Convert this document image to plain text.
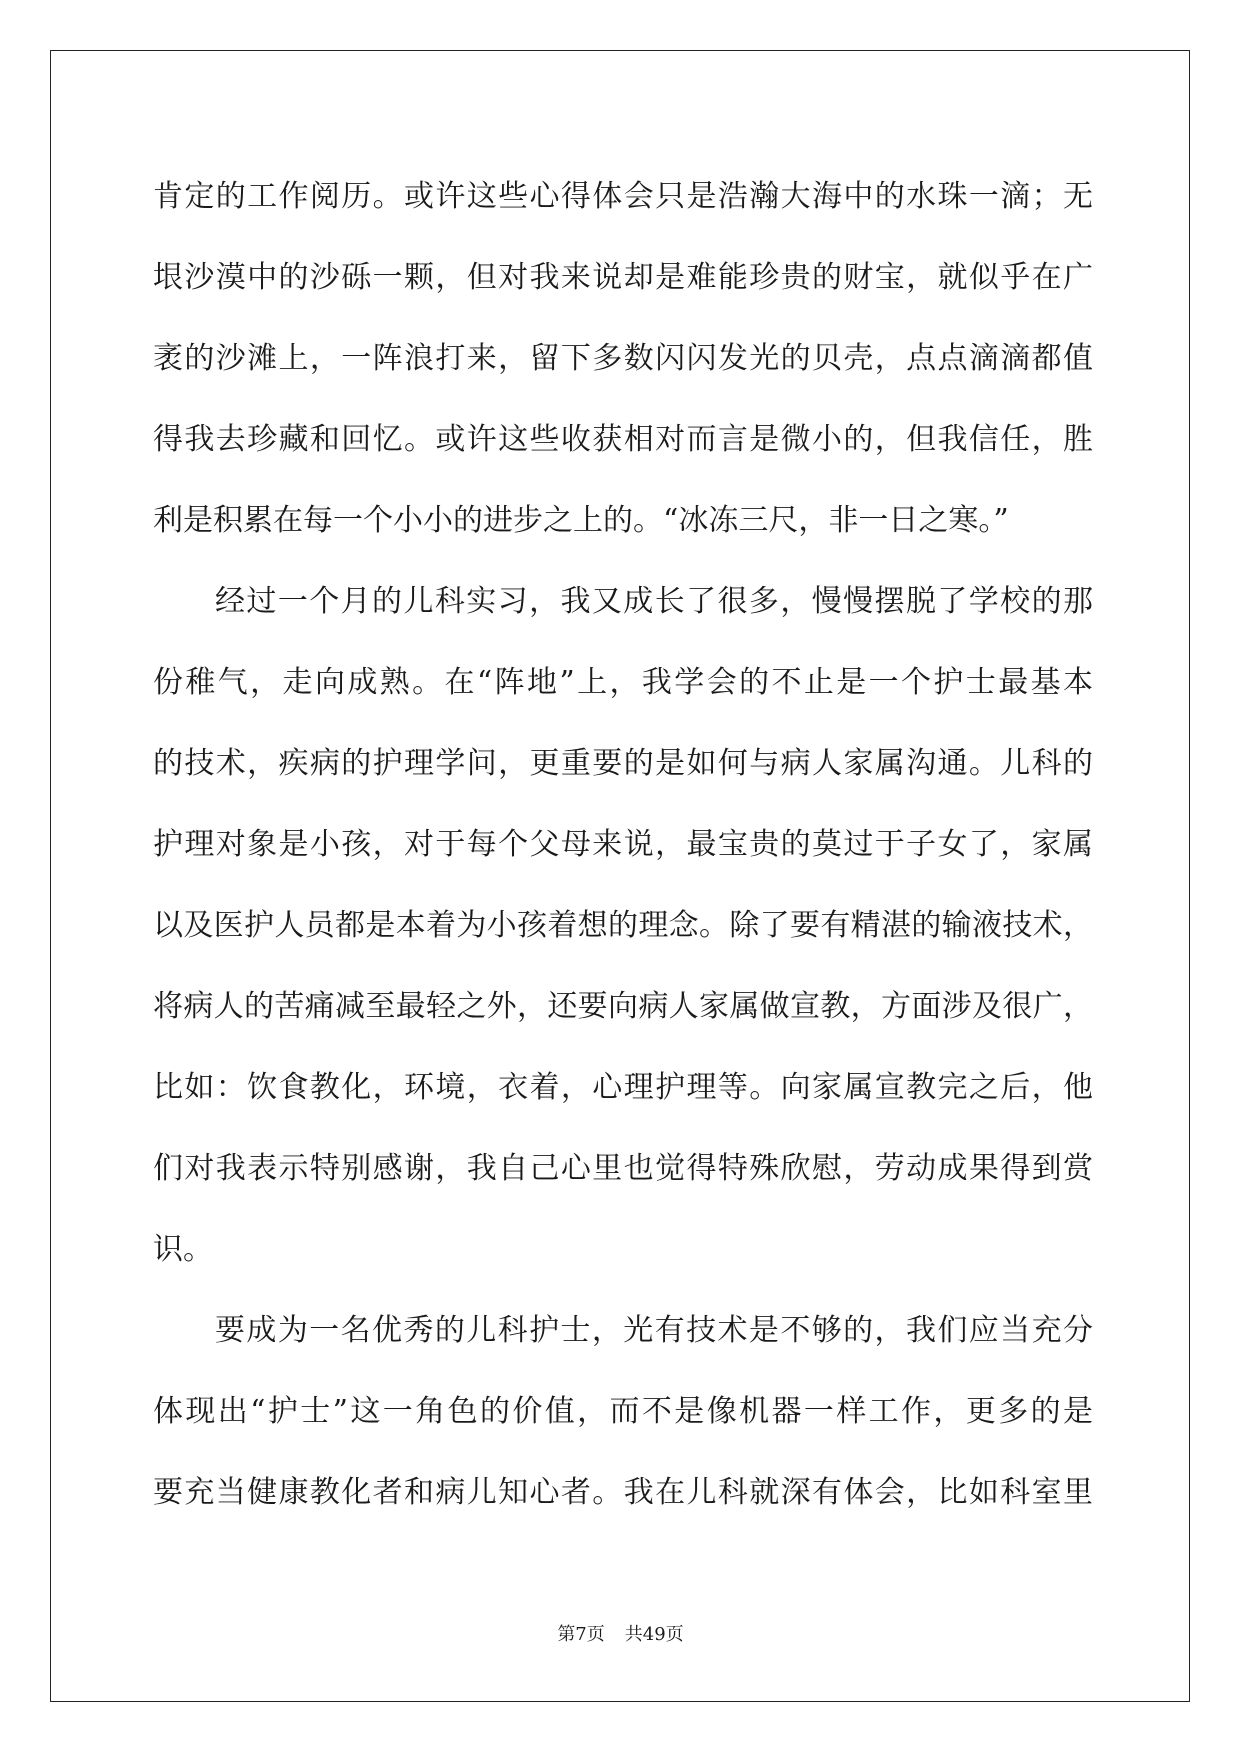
肯定的工作阅历。或许这些心得体会只是浩瀚大海中的水珠一滴；无
垠沙漠中的沙砾一颗，但对我来说却是难能珍贵的财宝，就似乎在广
袤的沙滩上，一阵浪打来，留下多数闪闪发光的贝壳，点点滴滴都值
得我去珍藏和回忆。或许这些收获相对而言是微小的，但我信任，胜
利是积累在每一个小小的进步之上的。“冰冻三尺，非一日之寒。”
经过一个月的儿科实习，我又成长了很多，慢慢摆脱了学校的那
份稚气，走向成熟。在“阵地”上，我学会的不止是一个护士最基本
的技术，疾病的护理学问，更重要的是如何与病人家属沟通。儿科的
护理对象是小孩，对于每个父母来说，最宝贵的莫过于子女了，家属
以及医护人员都是本着为小孩着想的理念。除了要有精湛的输液技术，
将病人的苦痛减至最轻之外，还要向病人家属做宣教，方面涉及很广，
比如：饮食教化，环境，衣着，心理护理等。向家属宣教完之后，他
们对我表示特别感谢，我自己心里也觉得特殊欣慰，劳动成果得到赏
识。
要成为一名优秀的儿科护士，光有技术是不够的，我们应当充分
体现出“护士”这一角色的价值，而不是像机器一样工作，更多的是
要充当健康教化者和病儿知心者。我在儿科就深有体会，比如科室里
第7页 共49页
